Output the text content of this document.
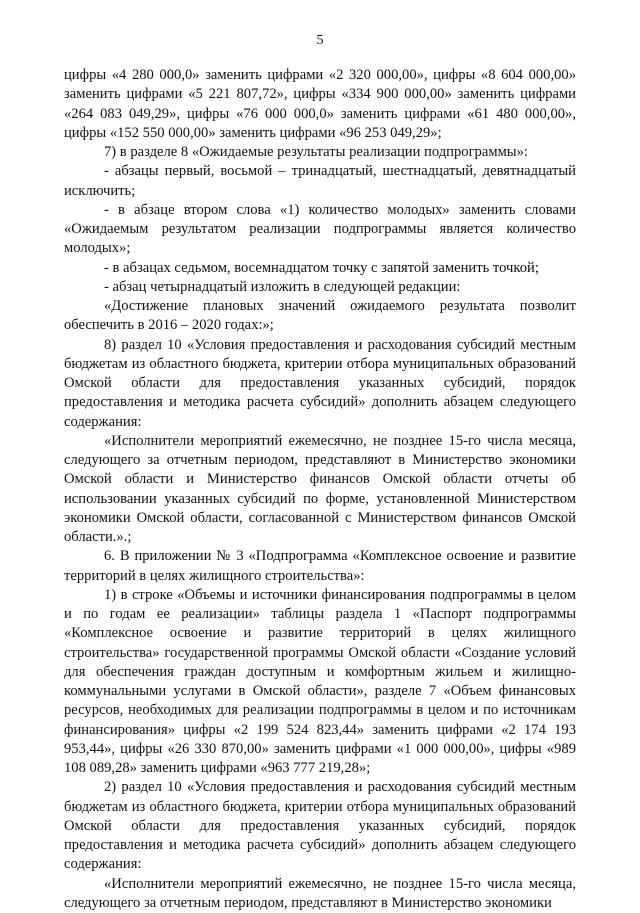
5

цифры «4 280 000,0» заменить цифрами «2 320 000,00», цифры «8 604 000,00» заменить цифрами «5 221 807,72», цифры «334 900 000,00» заменить цифрами «264 083 049,29», цифры «76 000 000,0» заменить цифрами «61 480 000,00», цифры «152 550 000,00» заменить цифрами «96 253 049,29»;

7) в разделе 8 «Ожидаемые результаты реализации подпрограммы»:

- абзацы первый, восьмой – тринадцатый, шестнадцатый, девятнадцатый исключить;

- в абзаце втором слова «1) количество молодых» заменить словами «Ожидаемым результатом реализации подпрограммы является количество молодых»;

- в абзацах седьмом, восемнадцатом точку с запятой заменить точкой;

- абзац четырнадцатый изложить в следующей редакции:

«Достижение плановых значений ожидаемого результата позволит обеспечить в 2016 – 2020 годах:»;

8) раздел 10 «Условия предоставления и расходования субсидий местным бюджетам из областного бюджета, критерии отбора муниципальных образований Омской области для предоставления указанных субсидий, порядок предоставления и методика расчета субсидий» дополнить абзацем следующего содержания:

«Исполнители мероприятий ежемесячно, не позднее 15-го числа месяца, следующего за отчетным периодом, представляют в Министерство экономики Омской области и Министерство финансов Омской области отчеты об использовании указанных субсидий по форме, установленной Министерством экономики Омской области, согласованной с Министерством финансов Омской области.».;

6. В приложении № 3 «Подпрограмма «Комплексное освоение и развитие территорий в целях жилищного строительства»:

1) в строке «Объемы и источники финансирования подпрограммы в целом и по годам ее реализации» таблицы раздела 1 «Паспорт подпрограммы «Комплексное освоение и развитие территорий в целях жилищного строительства» государственной программы Омской области «Создание условий для обеспечения граждан доступным и комфортным жильем и жилищно-коммунальными услугами в Омской области», разделе 7 «Объем финансовых ресурсов, необходимых для реализации подпрограммы в целом и по источникам финансирования» цифры «2 199 524 823,44» заменить цифрами «2 174 193 953,44», цифры «26 330 870,00» заменить цифрами «1 000 000,00», цифры «989 108 089,28» заменить цифрами «963 777 219,28»;

2) раздел 10 «Условия предоставления и расходования субсидий местным бюджетам из областного бюджета, критерии отбора муниципальных образований Омской области для предоставления указанных субсидий, порядок предоставления и методика расчета субсидий» дополнить абзацем следующего содержания:

«Исполнители мероприятий ежемесячно, не позднее 15-го числа месяца, следующего за отчетным периодом, представляют в Министерство экономики
